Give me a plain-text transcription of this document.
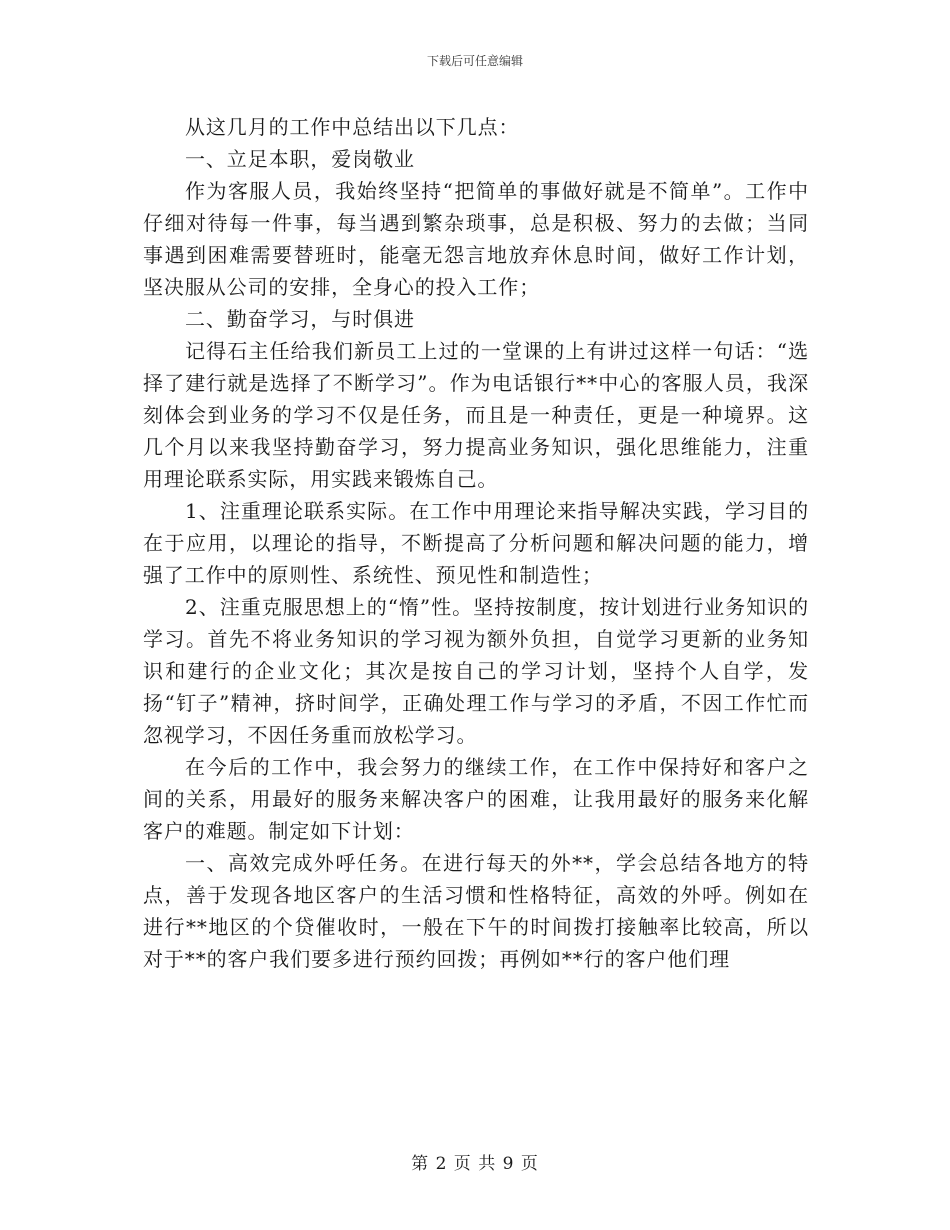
下载后可任意编辑

从这几月的工作中总结出以下几点：

一、立足本职，爱岗敬业

作为客服人员，我始终坚持“把简单的事做好就是不简单”。工作中仔细对待每一件事，每当遇到繁杂琐事，总是积极、努力的去做；当同事遇到困难需要替班时，能毫无怨言地放弃休息时间，做好工作计划，坚决服从公司的安排，全身心的投入工作；

二、勤奋学习，与时俱进

记得石主任给我们新员工上过的一堂课的上有讲过这样一句话：“选择了建行就是选择了不断学习”。作为电话银行**中心的客服人员，我深刻体会到业务的学习不仅是任务，而且是一种责任，更是一种境界。这几个月以来我坚持勤奋学习，努力提高业务知识，强化思维能力，注重用理论联系实际，用实践来锻炼自己。

1、注重理论联系实际。在工作中用理论来指导解决实践，学习目的在于应用，以理论的指导，不断提高了分析问题和解决问题的能力，增强了工作中的原则性、系统性、预见性和制造性；

2、注重克服思想上的“惰”性。坚持按制度，按计划进行业务知识的学习。首先不将业务知识的学习视为额外负担，自觉学习更新的业务知识和建行的企业文化；其次是按自己的学习计划，坚持个人自学，发扬“钉子”精神，挤时间学，正确处理工作与学习的矛盾，不因工作忙而忽视学习，不因任务重而放松学习。

在今后的工作中，我会努力的继续工作，在工作中保持好和客户之间的关系，用最好的服务来解决客户的困难，让我用最好的服务来化解客户的难题。制定如下计划：

一、高效完成外呼任务。在进行每天的外**，学会总结各地方的特点，善于发现各地区客户的生活习惯和性格特征，高效的外呼。例如在进行**地区的个贷催收时，一般在下午的时间拨打接触率比较高，所以对于**的客户我们要多进行预约回拨；再例如**行的客户他们理

第 2 页 共 9 页
